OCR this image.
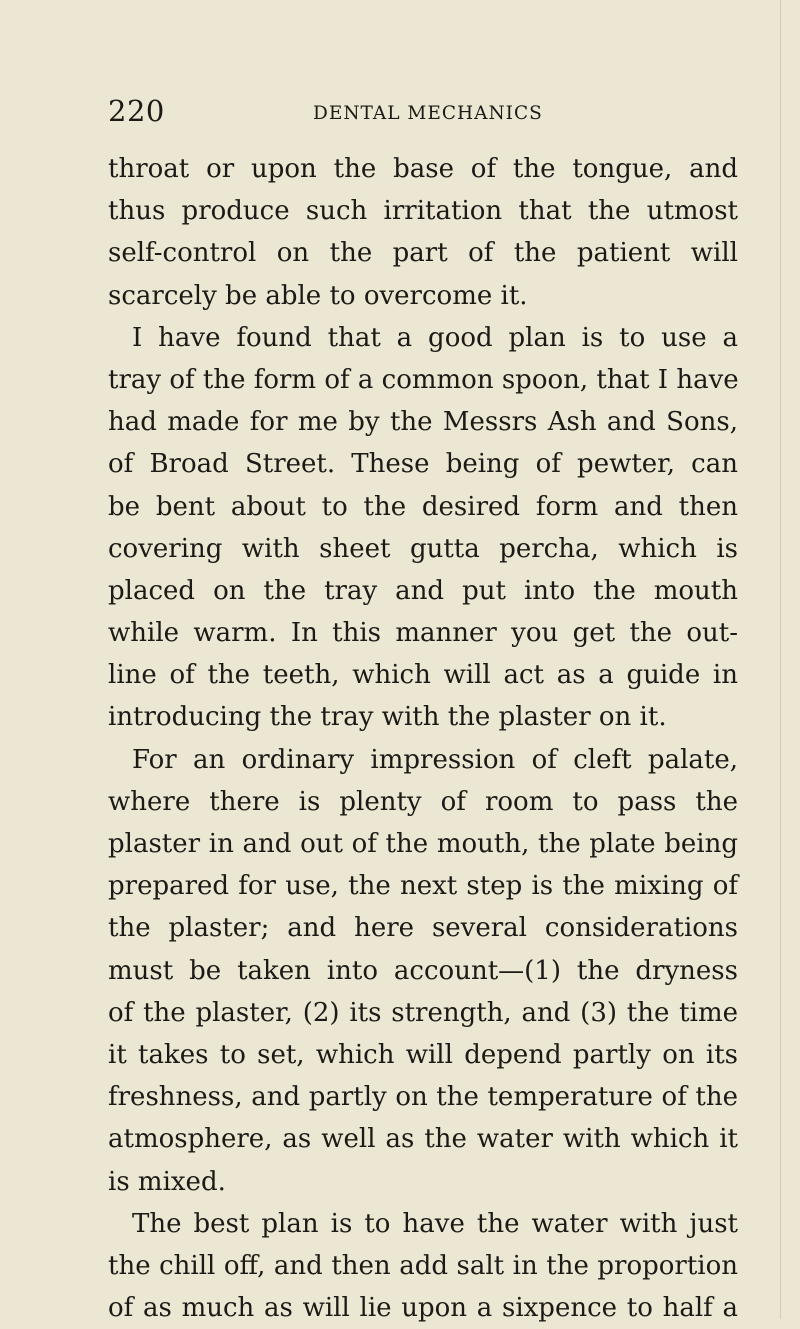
220	DENTAL MECHANICS
throat or upon the base of the tongue, and
thus produce such irritation that the utmost
self-control on the part of the patient will
scarcely be able to overcome it.
I have found that a good plan is to use a
tray of the form of a common spoon, that I have
had made for me by the Messrs Ash and Sons,
of Broad Street. These being of pewter, can
be bent about to the desired form and then
covering with sheet gutta percha, which is
placed on the tray and put into the mouth
while warm. In this manner you get the out-
line of the teeth, which will act as a guide in
introducing the tray with the plaster on it.
For an ordinary impression of cleft palate,
where there is plenty of room to pass the
plaster in and out of the mouth, the plate being
prepared for use, the next step is the mixing of
the plaster; and here several considerations
must be taken into account—(1) the dryness
of the plaster, (2) its strength, and (3) the time
it takes to set, which will depend partly on its
freshness, and partly on the temperature of the
atmosphere, as well as the water with which it
is mixed.
The best plan is to have the water with just
the chill off, and then add salt in the proportion
of as much as will lie upon a sixpence to half a
